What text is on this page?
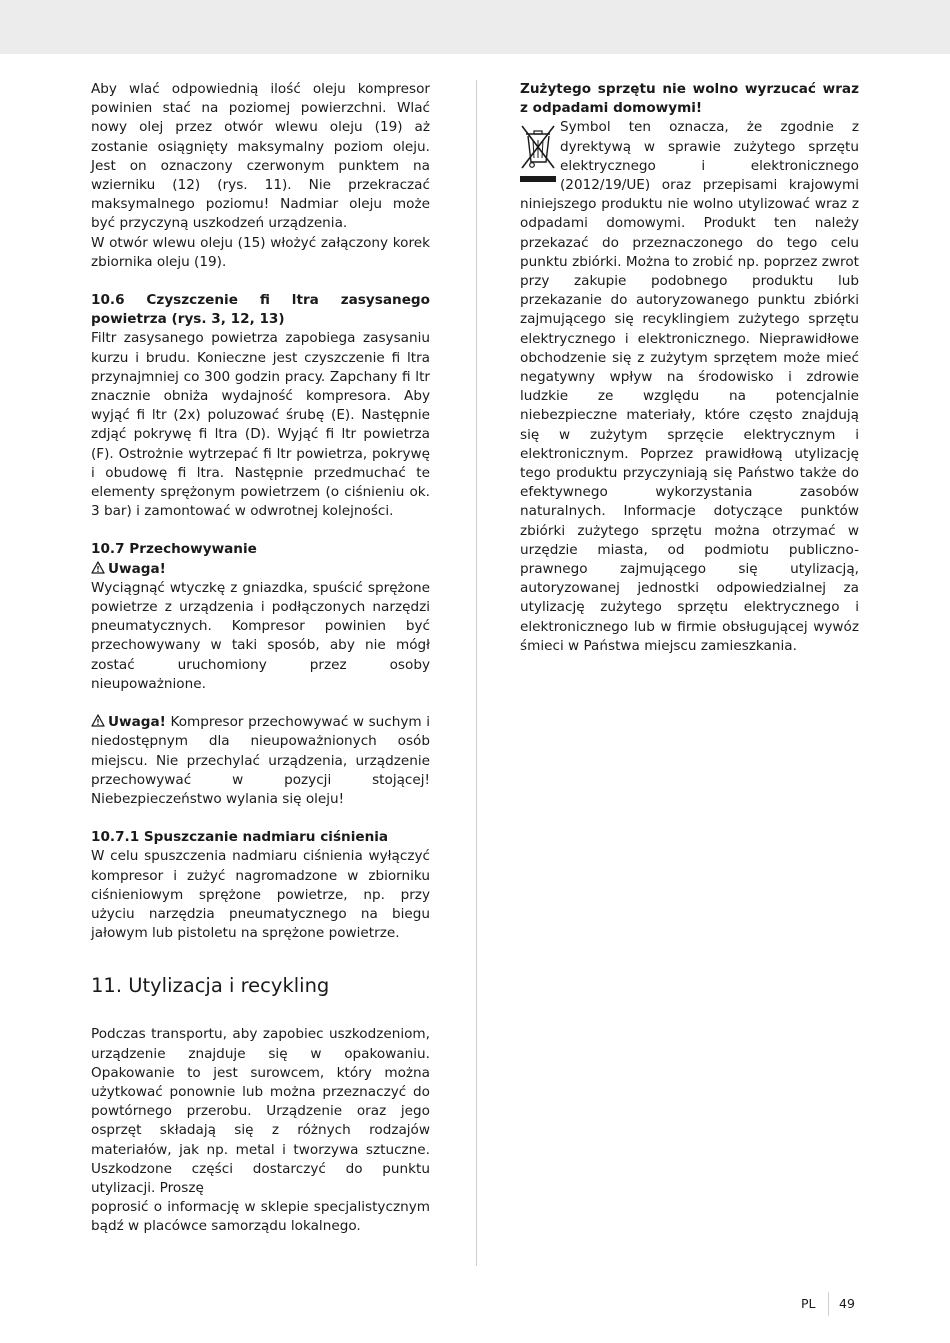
Aby wlać odpowiednią ilość oleju kompresor powinien stać na poziomej powierzchni. Wlać nowy olej przez otwór wlewu oleju (19) aż zostanie osiągnięty maksymalny poziom oleju. Jest on oznaczony czerwonym punktem na wzierniku (12) (rys. 11). Nie przekraczać maksymalnego poziomu! Nadmiar oleju może być przyczyną uszkodzeń urządzenia.

W otwór wlewu oleju (15) włożyć załączony korek zbiornika oleju (19).

10.6 Czyszczenie fi ltra zasysanego powietrza (rys. 3, 12, 13)

Filtr zasysanego powietrza zapobiega zasysaniu kurzu i brudu. Konieczne jest czyszczenie fi ltra przynajmniej co 300 godzin pracy. Zapchany fi ltr znacznie obniża wydajność kompresora. Aby wyjąć fi ltr (2x) poluzować śrubę (E). Następnie zdjąć pokrywę fi ltra (D). Wyjąć fi ltr powietrza (F). Ostrożnie wytrzepać fi ltr powietrza, pokrywę i obudowę fi ltra. Następnie przedmuchać te elementy sprężonym powietrzem (o ciśnieniu ok. 3 bar) i zamontować w odwrotnej kolejności.

10.7 Przechowywanie

Uwaga!

Wyciągnąć wtyczkę z gniazdka, spuścić sprężone powietrze z urządzenia i podłączonych narzędzi pneumatycznych. Kompresor powinien być przechowywany w taki sposób, aby nie mógł zostać uruchomiony przez osoby nieupoważnione.

Uwaga! Kompresor przechowywać w suchym i niedostępnym dla nieupoważnionych osób miejscu. Nie przechylać urządzenia, urządzenie przechowywać w pozycji stojącej! Niebezpieczeństwo wylania się oleju!

10.7.1 Spuszczanie nadmiaru ciśnienia

W celu spuszczenia nadmiaru ciśnienia wyłączyć kompresor i zużyć nagromadzone w zbiorniku ciśnieniowym sprężone powietrze, np. przy użyciu narzędzia pneumatycznego na biegu jałowym lub pistoletu na sprężone powietrze.

11. Utylizacja i recykling

Podczas transportu, aby zapobiec uszkodzeniom, urządzenie znajduje się w opakowaniu. Opakowanie to jest surowcem, który można użytkować ponownie lub można przeznaczyć do powtórnego przerobu. Urządzenie oraz jego osprzęt składają się z różnych rodzajów materiałów, jak np. metal i tworzywa sztuczne. Uszkodzone części dostarczyć do punktu utylizacji. Proszę

poprosić o informację w sklepie specjalistycznym bądź w placówce samorządu lokalnego.

Zużytego sprzętu nie wolno wyrzucać wraz z odpadami domowymi!

Symbol ten oznacza, że zgodnie z dyrektywą w sprawie zużytego sprzętu elektrycznego i elektronicznego (2012/19/UE) oraz przepisami krajowymi niniejszego produktu nie wolno utylizować wraz z odpadami domowymi. Produkt ten należy przekazać do przeznaczonego do tego celu punktu zbiórki. Można to zrobić np. poprzez zwrot przy zakupie podobnego produktu lub przekazanie do autoryzowanego punktu zbiórki zajmującego się recyklingiem zużytego sprzętu elektrycznego i elektronicznego. Nieprawidłowe obchodzenie się z zużytym sprzętem może mieć negatywny wpływ na środowisko i zdrowie ludzkie ze względu na potencjalnie niebezpieczne materiały, które często znajdują się w zużytym sprzęcie elektrycznym i elektronicznym. Poprzez prawidłową utylizację tego produktu przyczyniają się Państwo także do efektywnego wykorzystania zasobów naturalnych. Informacje dotyczące punktów zbiórki zużytego sprzętu można otrzymać w urzędzie miasta, od podmiotu publiczno-prawnego zajmującego się utylizacją, autoryzowanej jednostki odpowiedzialnej za utylizację zużytego sprzętu elektrycznego i elektronicznego lub w firmie obsługującej wywóz śmieci w Państwa miejscu zamieszkania.

PL 49
